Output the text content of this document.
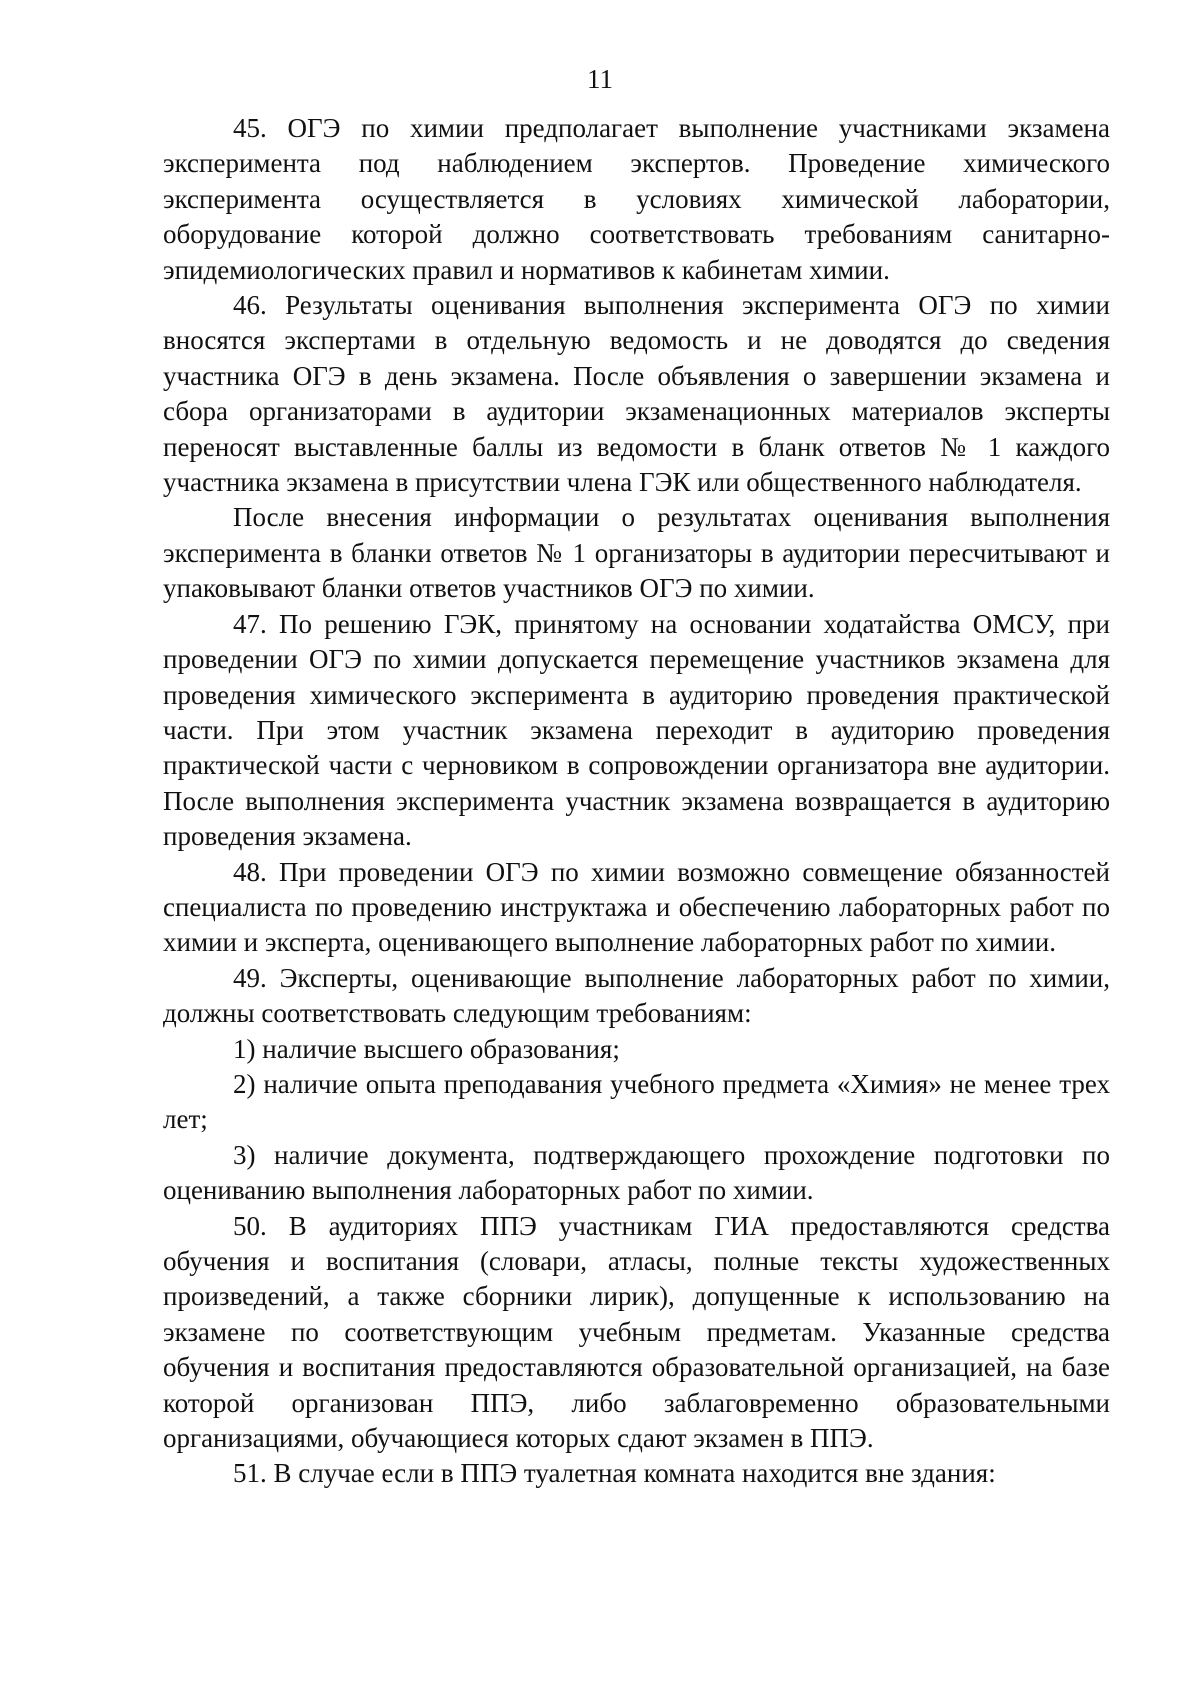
11

45. ОГЭ по химии предполагает выполнение участниками экзамена эксперимента под наблюдением экспертов. Проведение химического эксперимента осуществляется в условиях химической лаборатории, оборудование которой должно соответствовать требованиям санитарно-эпидемиологических правил и нормативов к кабинетам химии.

46. Результаты оценивания выполнения эксперимента ОГЭ по химии вносятся экспертами в отдельную ведомость и не доводятся до сведения участника ОГЭ в день экзамена. После объявления о завершении экзамена и сбора организаторами в аудитории экзаменационных материалов эксперты переносят выставленные баллы из ведомости в бланк ответов № 1 каждого участника экзамена в присутствии члена ГЭК или общественного наблюдателя.

После внесения информации о результатах оценивания выполнения эксперимента в бланки ответов № 1 организаторы в аудитории пересчитывают и упаковывают бланки ответов участников ОГЭ по химии.

47. По решению ГЭК, принятому на основании ходатайства ОМСУ, при проведении ОГЭ по химии допускается перемещение участников экзамена для проведения химического эксперимента в аудиторию проведения практической части. При этом участник экзамена переходит в аудиторию проведения практической части с черновиком в сопровождении организатора вне аудитории. После выполнения эксперимента участник экзамена возвращается в аудиторию проведения экзамена.

48. При проведении ОГЭ по химии возможно совмещение обязанностей специалиста по проведению инструктажа и обеспечению лабораторных работ по химии и эксперта, оценивающего выполнение лабораторных работ по химии.

49. Эксперты, оценивающие выполнение лабораторных работ по химии, должны соответствовать следующим требованиям:

1) наличие высшего образования;

2) наличие опыта преподавания учебного предмета «Химия» не менее трех лет;

3) наличие документа, подтверждающего прохождение подготовки по оцениванию выполнения лабораторных работ по химии.

50. В аудиториях ППЭ участникам ГИА предоставляются средства обучения и воспитания (словари, атласы, полные тексты художественных произведений, а также сборники лирик), допущенные к использованию на экзамене по соответствующим учебным предметам. Указанные средства обучения и воспитания предоставляются образовательной организацией, на базе которой организован ППЭ, либо заблаговременно образовательными организациями, обучающиеся которых сдают экзамен в ППЭ.

51. В случае если в ППЭ туалетная комната находится вне здания:
